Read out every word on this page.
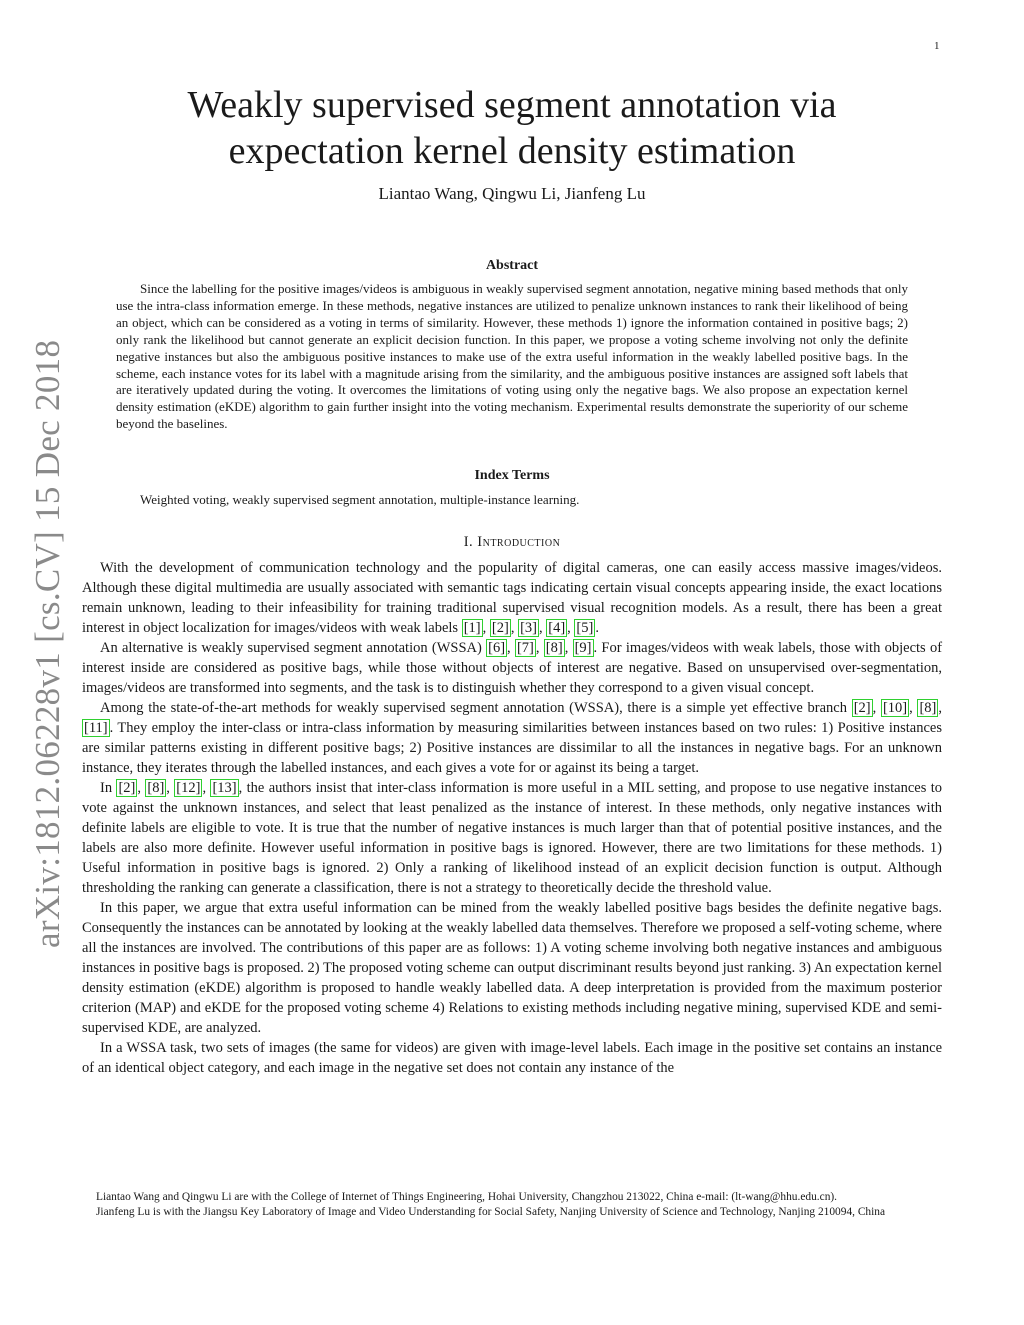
1
arXiv:1812.06228v1 [cs.CV] 15 Dec 2018
Weakly supervised segment annotation via expectation kernel density estimation
Liantao Wang, Qingwu Li, Jianfeng Lu
Abstract

Since the labelling for the positive images/videos is ambiguous in weakly supervised segment annotation, negative mining based methods that only use the intra-class information emerge. In these methods, negative instances are utilized to penalize unknown instances to rank their likelihood of being an object, which can be considered as a voting in terms of similarity. However, these methods 1) ignore the information contained in positive bags; 2) only rank the likelihood but cannot generate an explicit decision function. In this paper, we propose a voting scheme involving not only the definite negative instances but also the ambiguous positive instances to make use of the extra useful information in the weakly labelled positive bags. In the scheme, each instance votes for its label with a magnitude arising from the similarity, and the ambiguous positive instances are assigned soft labels that are iteratively updated during the voting. It overcomes the limitations of voting using only the negative bags. We also propose an expectation kernel density estimation (eKDE) algorithm to gain further insight into the voting mechanism. Experimental results demonstrate the superiority of our scheme beyond the baselines.

Index Terms

Weighted voting, weakly supervised segment annotation, multiple-instance learning.

I. Introduction

With the development of communication technology and the popularity of digital cameras, one can easily access massive images/videos. Although these digital multimedia are usually associated with semantic tags indicating certain visual concepts appearing inside, the exact locations remain unknown, leading to their infeasibility for training traditional supervised visual recognition models. As a result, there has been a great interest in object localization for images/videos with weak labels [1] , [2] , [3] , [4] , [5] .

An alternative is weakly supervised segment annotation (WSSA) [6] , [7] , [8] , [9] . For images/videos with weak labels, those with objects of interest inside are considered as positive bags, while those without objects of interest are negative. Based on unsupervised over-segmentation, images/videos are transformed into segments, and the task is to distinguish whether they correspond to a given visual concept.

Among the state-of-the-art methods for weakly supervised segment annotation (WSSA), there is a simple yet effective branch [2] , [10] , [8] , [11] . They employ the inter-class or intra-class information by measuring similarities between instances based on two rules: 1) Positive instances are similar patterns existing in different positive bags; 2) Positive instances are dissimilar to all the instances in negative bags. For an unknown instance, they iterates through the labelled instances, and each gives a vote for or against its being a target.

In [2] , [8] , [12] , [13] , the authors insist that inter-class information is more useful in a MIL setting, and propose to use negative instances to vote against the unknown instances, and select that least penalized as the instance of interest. In these methods, only negative instances with definite labels are eligible to vote. It is true that the number of negative instances is much larger than that of potential positive instances, and the labels are also more definite. However useful information in positive bags is ignored. However, there are two limitations for these methods. 1) Useful information in positive bags is ignored. 2) Only a ranking of likelihood instead of an explicit decision function is output. Although thresholding the ranking can generate a classification, there is not a strategy to theoretically decide the threshold value.

In this paper, we argue that extra useful information can be mined from the weakly labelled positive bags besides the definite negative bags. Consequently the instances can be annotated by looking at the weakly labelled data themselves. Therefore we proposed a self-voting scheme, where all the instances are involved. The contributions of this paper are as follows: 1) A voting scheme involving both negative instances and ambiguous instances in positive bags is proposed. 2) The proposed voting scheme can output discriminant results beyond just ranking. 3) An expectation kernel density estimation (eKDE) algorithm is proposed to handle weakly labelled data. A deep interpretation is provided from the maximum posterior criterion (MAP) and eKDE for the proposed voting scheme 4) Relations to existing methods including negative mining, supervised KDE and semi-supervised KDE, are analyzed.

In a WSSA task, two sets of images (the same for videos) are given with image-level labels. Each image in the positive set contains an instance of an identical object category, and each image in the negative set does not contain any instance of the

Liantao Wang and Qingwu Li are with the College of Internet of Things Engineering, Hohai University, Changzhou 213022, China e-mail: (lt-wang@hhu.edu.cn).

Jianfeng Lu is with the Jiangsu Key Laboratory of Image and Video Understanding for Social Safety, Nanjing University of Science and Technology, Nanjing 210094, China
